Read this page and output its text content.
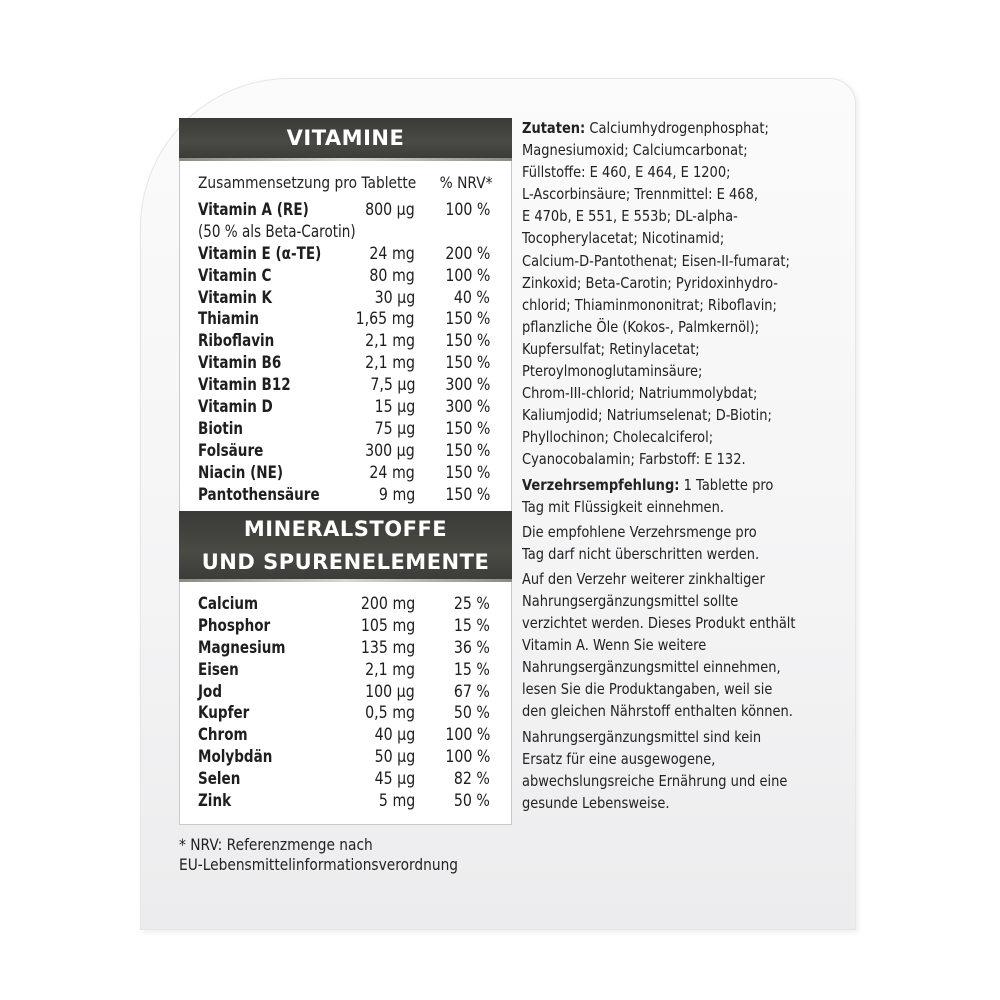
VITAMINE
Zusammensetzung pro Tablette % NRV*
Vitamin A (RE)	800 µg 100 %
(50 % als Beta-Carotin)
Vitamin E (α-TE)	24 mg 200 %
Vitamin C	80 mg 100 %
Vitamin K	30 µg 40 %
Thiamin	1,65 mg 150 %
Riboflavin	2,1 mg 150 %
Vitamin B6	2,1 mg 150 %
Vitamin B12	7,5 µg 300 %
Vitamin D	15 µg 300 %
Biotin	75 µg 150 %
Folsäure	300 µg 150 %
Niacin (NE)	24 mg 150 %
Pantothensäure	9 mg 150 %
MINERALSTOFFE
UND SPURENELEMENTE
Calcium	200 mg 25 %
Phosphor	105 mg 15 %
Magnesium	135 mg 36 %
Eisen	2,1 mg 15 %
Jod	100 µg 67 %
Kupfer	0,5 mg 50 %
Chrom	40 µg 100 %
Molybdän	50 µg 100 %
Selen	45 µg 82 %
Zink	5 mg 50 %
* NRV: Referenzmenge nach
EU-Lebensmittelinformationsverordnung
Zutaten: Calciumhydrogenphosphat;
Magnesiumoxid; Calciumcarbonat;
Füllstoffe: E 460, E 464, E 1200;
L-Ascorbinsäure; Trennmittel: E 468,
E 470b, E 551, E 553b; DL-alpha-
Tocopherylacetat; Nicotinamid;
Calcium-D-Pantothenat; Eisen-II-fumarat;
Zinkoxid; Beta-Carotin; Pyridoxinhydro-
chlorid; Thiaminmononitrat; Riboflavin;
pflanzliche Öle (Kokos-, Palmkernöl);
Kupfersulfat; Retinylacetat;
Pteroylmonoglutaminsäure;
Chrom-III-chlorid; Natriummolybdat;
Kaliumjodid; Natriumselenat; D-Biotin;
Phyllochinon; Cholecalciferol;
Cyanocobalamin; Farbstoff: E 132.
Verzehrsempfehlung: 1 Tablette pro
Tag mit Flüssigkeit einnehmen.
Die empfohlene Verzehrsmenge pro
Tag darf nicht überschritten werden.
Auf den Verzehr weiterer zinkhaltiger
Nahrungsergänzungsmittel sollte
verzichtet werden. Dieses Produkt enthält
Vitamin A. Wenn Sie weitere
Nahrungsergänzungsmittel einnehmen,
lesen Sie die Produktangaben, weil sie
den gleichen Nährstoff enthalten können.
Nahrungsergänzungsmittel sind kein
Ersatz für eine ausgewogene,
abwechslungsreiche Ernährung und eine
gesunde Lebensweise.
